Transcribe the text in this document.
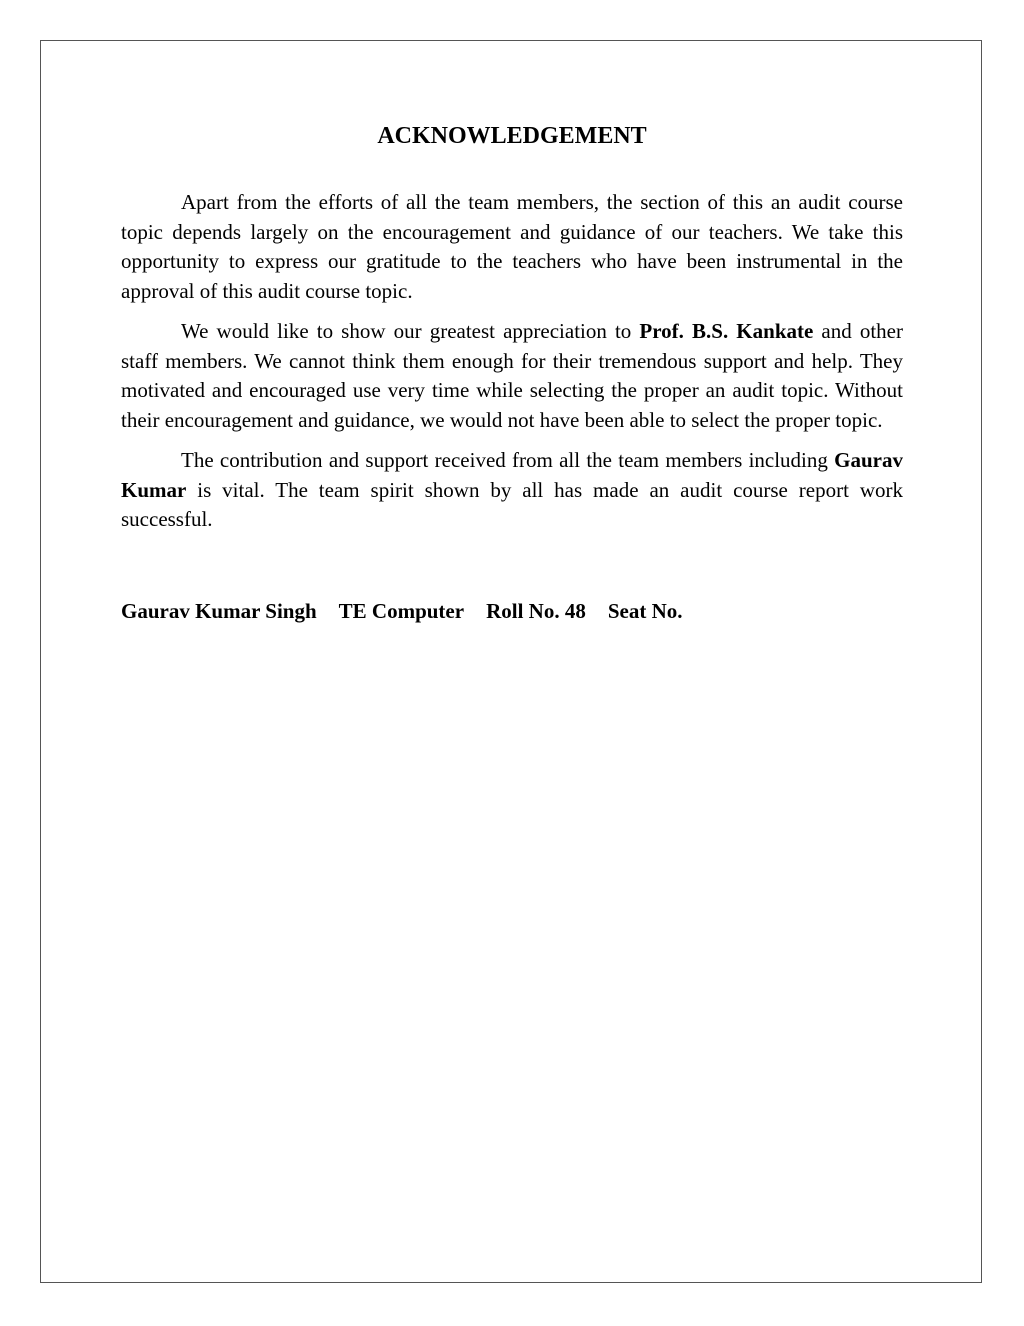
ACKNOWLEDGEMENT

Apart from the efforts of all the team members, the section of this an audit course topic depends largely on the encouragement and guidance of our teachers. We take this opportunity to express our gratitude to the teachers who have been instrumental in the approval of this audit course topic.

We would like to show our greatest appreciation to Prof. B.S. Kankate and other staff members. We cannot think them enough for their tremendous support and help. They motivated and encouraged use very time while selecting the proper an audit topic. Without their encouragement and guidance, we would not have been able to select the proper topic.

The contribution and support received from all the team members including Gaurav Kumar is vital. The team spirit shown by all has made an audit course report work successful.

Gaurav Kumar Singh TE Computer Roll No. 48 Seat No.
